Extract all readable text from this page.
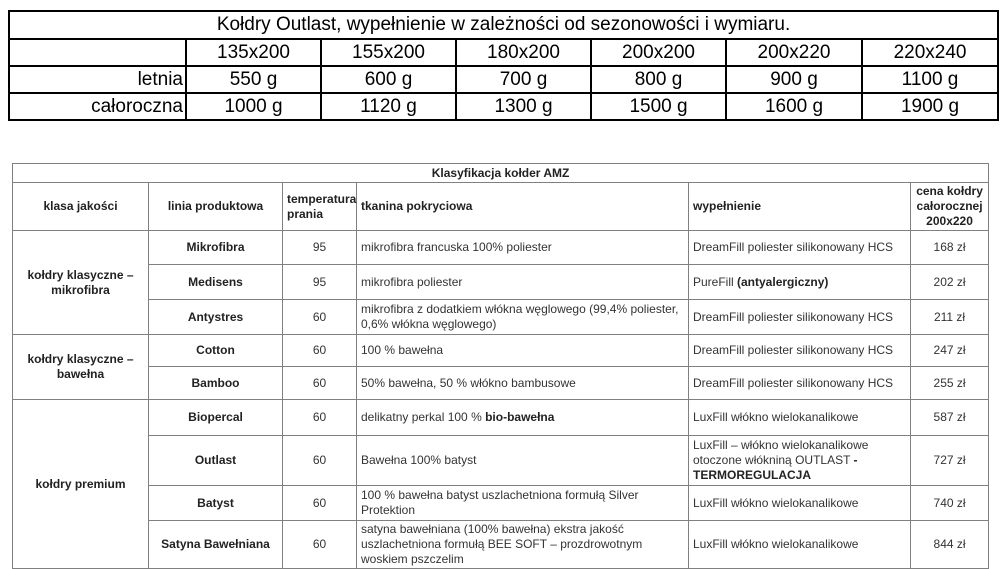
Kołdry Outlast, wypełnienie w zależności od sezonowości i wymiaru.						
	135x200	155x200	180x200	200x200	200x220	220x240
letnia	550 g	600 g	700 g	800 g	900 g	1100 g
całoroczna	1000 g	1120 g	1300 g	1500 g	1600 g	1900 g
Klasyfikacja kołder AMZ					
klasa jakości	linia produktowa	temperatura prania	tkanina pokryciowa	wypełnienie	cena kołdry całorocznej 200x220
kołdry klasyczne – mikrofibra	Mikrofibra	95	mikrofibra francuska 100% poliester	DreamFill poliester silikonowany HCS	168 zł
	Medisens	95	mikrofibra poliester	PureFill (antyalergiczny)	202 zł
	Antystres	60	mikrofibra z dodatkiem włókna węglowego (99,4% poliester, 0,6% włókna węglowego)	DreamFill poliester silikonowany HCS	211 zł
kołdry klasyczne – bawełna	Cotton	60	100 % bawełna	DreamFill poliester silikonowany HCS	247 zł
	Bamboo	60	50% bawełna, 50 % włókno bambusowe	DreamFill poliester silikonowany HCS	255 zł
kołdry premium	Biopercal	60	delikatny perkal 100 % bio-bawełna	LuxFill włókno wielokanalikowe	587 zł
	Outlast	60	Bawełna 100% batyst	LuxFill – włókno wielokanalikowe otoczone włókniną OUTLAST -TERMOREGULACJA	727 zł
	Batyst	60	100 % bawełna batyst uszlachetniona formułą Silver Protektion	LuxFill włókno wielokanalikowe	740 zł
	Satyna Bawełniana	60	satyna bawełniana (100% bawełna) ekstra jakość uszlachetniona formułą BEE SOFT – prozdrowotnym woskiem pszczelim	LuxFill włókno wielokanalikowe	844 zł
